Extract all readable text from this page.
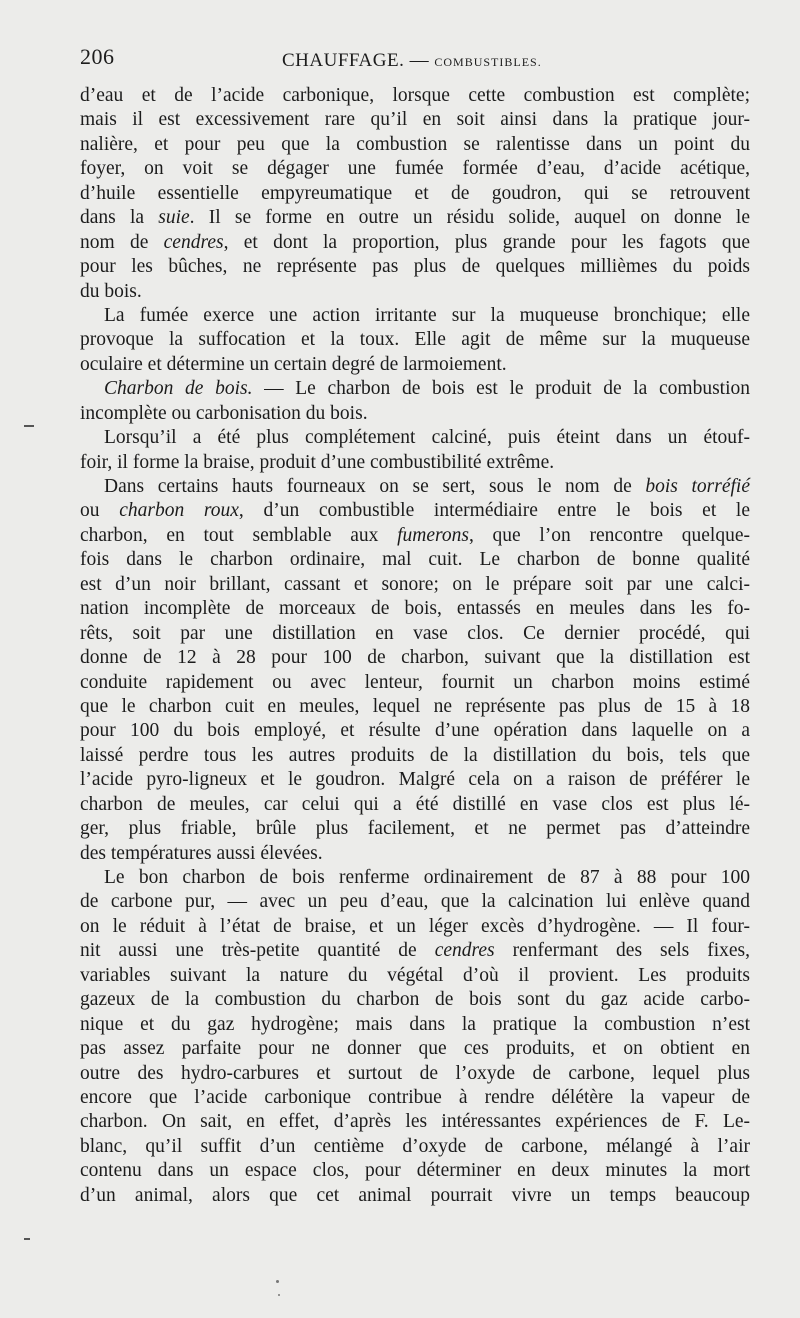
206	CHAUFFAGE. — COMBUSTIBLES.
d’eau et de l’acide carbonique, lorsque cette combustion est complète;
mais il est excessivement rare qu’il en soit ainsi dans la pratique jour-
nalière, et pour peu que la combustion se ralentisse dans un point du
foyer, on voit se dégager une fumée formée d’eau, d’acide acétique,
d’huile essentielle empyreumatique et de goudron, qui se retrouvent
dans la suie. Il se forme en outre un résidu solide, auquel on donne le
nom de cendres, et dont la proportion, plus grande pour les fagots que
pour les bûches, ne représente pas plus de quelques millièmes du poids
du bois.
La fumée exerce une action irritante sur la muqueuse bronchique; elle
provoque la suffocation et la toux. Elle agit de même sur la muqueuse
oculaire et détermine un certain degré de larmoiement.
Charbon de bois. — Le charbon de bois est le produit de la combustion
incomplète ou carbonisation du bois.
Lorsqu’il a été plus complétement calciné, puis éteint dans un étouf-
foir, il forme la braise, produit d’une combustibilité extrême.
Dans certains hauts fourneaux on se sert, sous le nom de bois torréfié
ou charbon roux, d’un combustible intermédiaire entre le bois et le
charbon, en tout semblable aux fumerons, que l’on rencontre quelque-
fois dans le charbon ordinaire, mal cuit. Le charbon de bonne qualité
est d’un noir brillant, cassant et sonore; on le prépare soit par une calci-
nation incomplète de morceaux de bois, entassés en meules dans les fo-
rêts, soit par une distillation en vase clos. Ce dernier procédé, qui
donne de 12 à 28 pour 100 de charbon, suivant que la distillation est
conduite rapidement ou avec lenteur, fournit un charbon moins estimé
que le charbon cuit en meules, lequel ne représente pas plus de 15 à 18
pour 100 du bois employé, et résulte d’une opération dans laquelle on a
laissé perdre tous les autres produits de la distillation du bois, tels que
l’acide pyro-ligneux et le goudron. Malgré cela on a raison de préférer le
charbon de meules, car celui qui a été distillé en vase clos est plus lé-
ger, plus friable, brûle plus facilement, et ne permet pas d’atteindre
des températures aussi élevées.
Le bon charbon de bois renferme ordinairement de 87 à 88 pour 100
de carbone pur, — avec un peu d’eau, que la calcination lui enlève quand
on le réduit à l’état de braise, et un léger excès d’hydrogène. — Il four-
nit aussi une très-petite quantité de cendres renfermant des sels fixes,
variables suivant la nature du végétal d’où il provient. Les produits
gazeux de la combustion du charbon de bois sont du gaz acide carbo-
nique et du gaz hydrogène; mais dans la pratique la combustion n’est
pas assez parfaite pour ne donner que ces produits, et on obtient en
outre des hydro-carbures et surtout de l’oxyde de carbone, lequel plus
encore que l’acide carbonique contribue à rendre délétère la vapeur de
charbon. On sait, en effet, d’après les intéressantes expériences de F. Le-
blanc, qu’il suffit d’un centième d’oxyde de carbone, mélangé à l’air
contenu dans un espace clos, pour déterminer en deux minutes la mort
d’un animal, alors que cet animal pourrait vivre un temps beaucoup
